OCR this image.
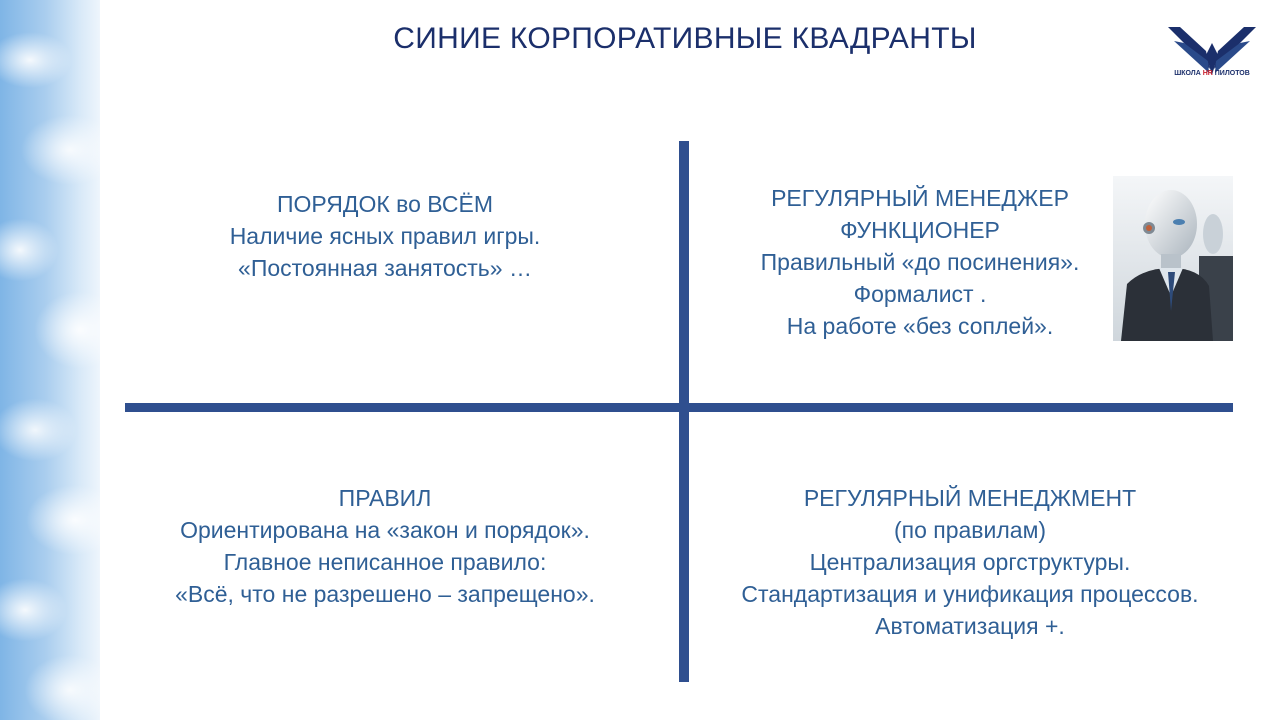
СИНИЕ КОРПОРАТИВНЫЕ КВАДРАНТЫ
ШКОЛА HR ПИЛОТОВ
ПОРЯДОК во ВСЁМ
Наличие ясных правил игры.
«Постоянная занятость» …
РЕГУЛЯРНЫЙ МЕНЕДЖЕР
ФУНКЦИОНЕР
Правильный «до посинения».
Формалист .
На работе «без соплей».
ПРАВИЛ
Ориентирована на «закон и порядок».
Главное неписанное правило:
«Всё, что не разрешено – запрещено».
РЕГУЛЯРНЫЙ МЕНЕДЖМЕНТ
(по правилам)
Централизация оргструктуры.
Стандартизация и унификация процессов.
Автоматизация +.
